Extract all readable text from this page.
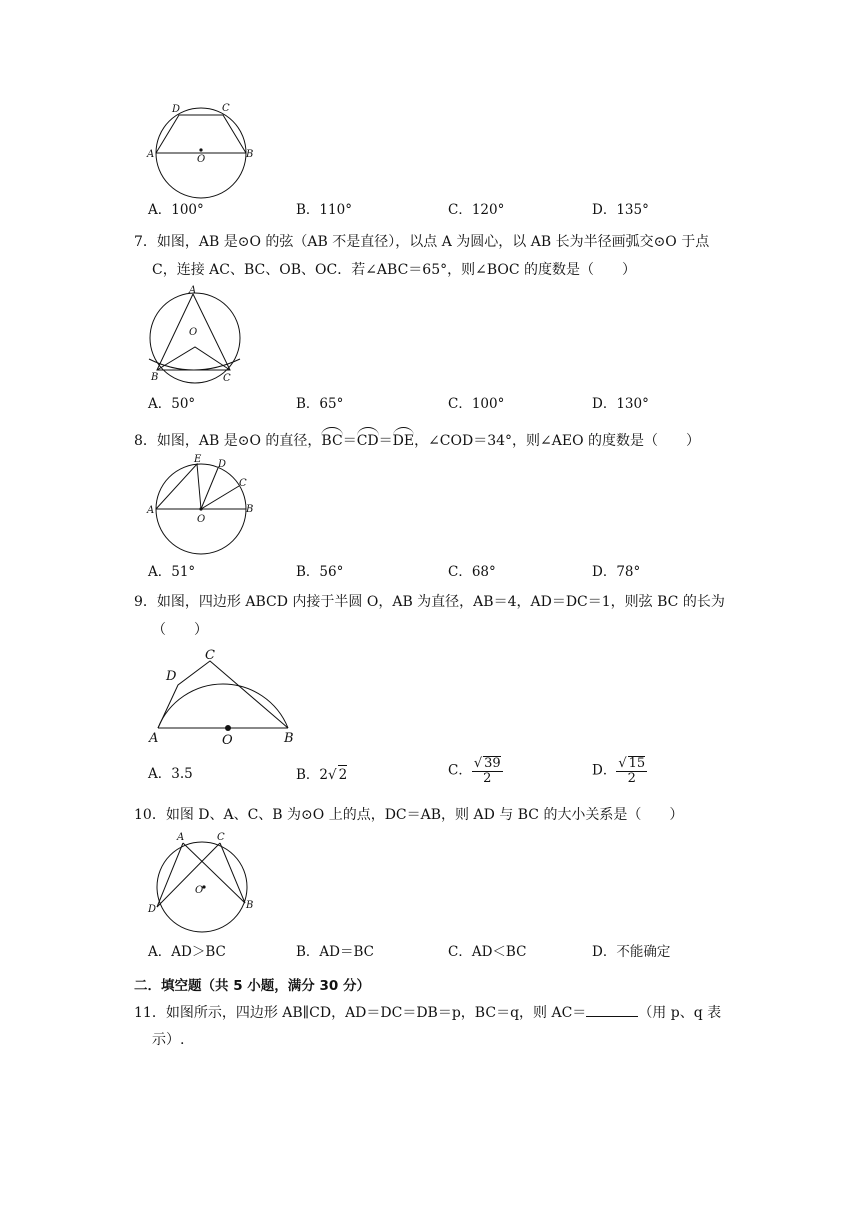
D	C
A	O	B
A．100°	B．110°	C．120°	D．135°
7．如图，AB 是⊙O 的弦（AB 不是直径），以点 A 为圆心，以 AB 长为半径画弧交⊙O 于点
C，连接 AC、BC、OB、OC．若∠ABC＝65°，则∠BOC 的度数是（　　）
A
O
B	C
A．50°	B．65°	C．100°	D．130°
8．如图，AB 是⊙O 的直径，BC＝CD＝DE，∠COD＝34°，则∠AEO 的度数是（　　）
E D
C
A
O
B
A．51°	B．56°	C．68°	D．78°
9．如图，四边形 ABCD 内接于半圆 O，AB 为直径，AB＝4，AD＝DC＝1，则弦 BC 的长为
（　　）
C
D
A	O	B
A．3.5	B．2√ 2	C． $\frac{√ 39}{2}$	D． $\frac{√ 15}{2}$
10．如图 D、A、C、B 为⊙O 上的点，DC＝AB，则 AD 与 BC 的大小关系是（　　）
A	C
O
D	B
A．AD＞BC	B．AD＝BC	C．AD＜BC	D．不能确定
二．填空题（共 5 小题，满分 30 分）
11．如图所示，四边形 AB∥CD，AD＝DC＝DB＝p，BC＝q，则 AC＝	（用 p、q 表
示）.
